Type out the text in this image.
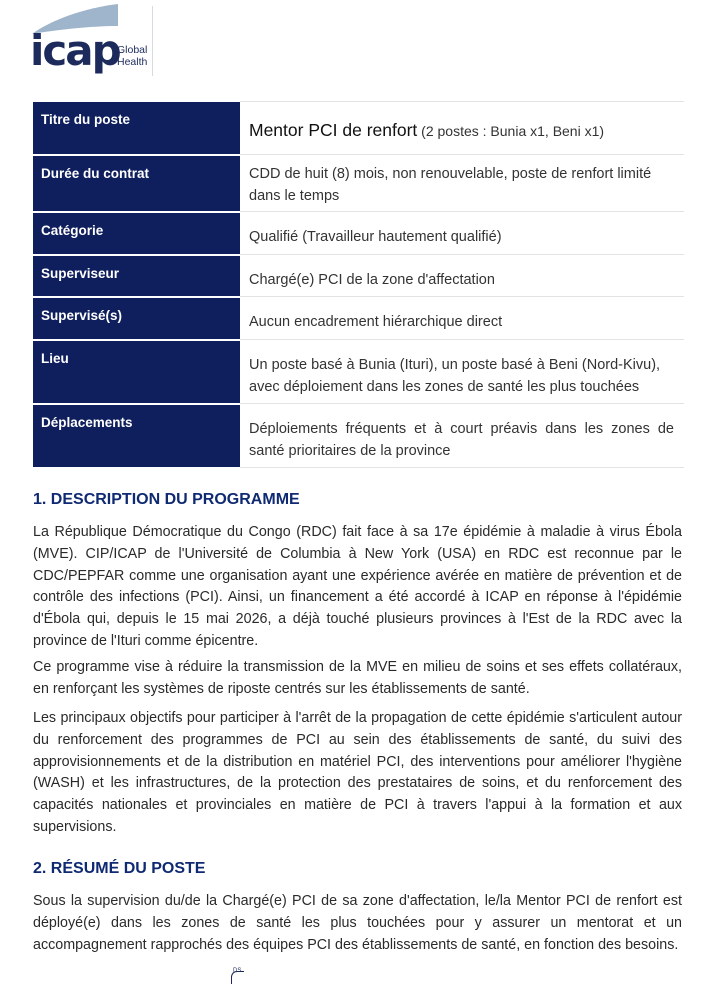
icap
Global
Health
Titre du poste	Mentor PCI de renfort (2 postes : Bunia x1, Beni x1)
Durée du contrat	CDD de huit (8) mois, non renouvelable, poste de renfort limité dans le temps
Catégorie	Qualifié (Travailleur hautement qualifié)
Superviseur	Chargé(e) PCI de la zone d'affectation
Supervisé(s)	Aucun encadrement hiérarchique direct
Lieu	Un poste basé à Bunia (Ituri), un poste basé à Beni (Nord-Kivu), avec déploiement dans les zones de santé les plus touchées
Déplacements	Déploiements fréquents et à court préavis dans les zones de santé prioritaires de la province
1. DESCRIPTION DU PROGRAMME

La République Démocratique du Congo (RDC) fait face à sa 17e épidémie à maladie à virus Ébola (MVE). CIP/ICAP de l'Université de Columbia à New York (USA) en RDC est reconnue par le CDC/PEPFAR comme une organisation ayant une expérience avérée en matière de prévention et de contrôle des infections (PCI). Ainsi, un financement a été accordé à ICAP en réponse à l'épidémie d'Ébola qui, depuis le 15 mai 2026, a déjà touché plusieurs provinces à l'Est de la RDC avec la province de l'Ituri comme épicentre.

Ce programme vise à réduire la transmission de la MVE en milieu de soins et ses effets collatéraux, en renforçant les systèmes de riposte centrés sur les établissements de santé.

Les principaux objectifs pour participer à l'arrêt de la propagation de cette épidémie s'articulent autour du renforcement des programmes de PCI au sein des établissements de santé, du suivi des approvisionnements et de la distribution en matériel PCI, des interventions pour améliorer l'hygiène (WASH) et les infrastructures, de la protection des prestataires de soins, et du renforcement des capacités nationales et provinciales en matière de PCI à travers l'appui à la formation et aux supervisions.

2. RÉSUMÉ DU POSTE

Sous la supervision du/de la Chargé(e) PCI de sa zone d'affectation, le/la Mentor PCI de renfort est déployé(e) dans les zones de santé les plus touchées pour y assurer un mentorat et un accompagnement rapprochés des équipes PCI des établissements de santé, en fonction des besoins.

DS
